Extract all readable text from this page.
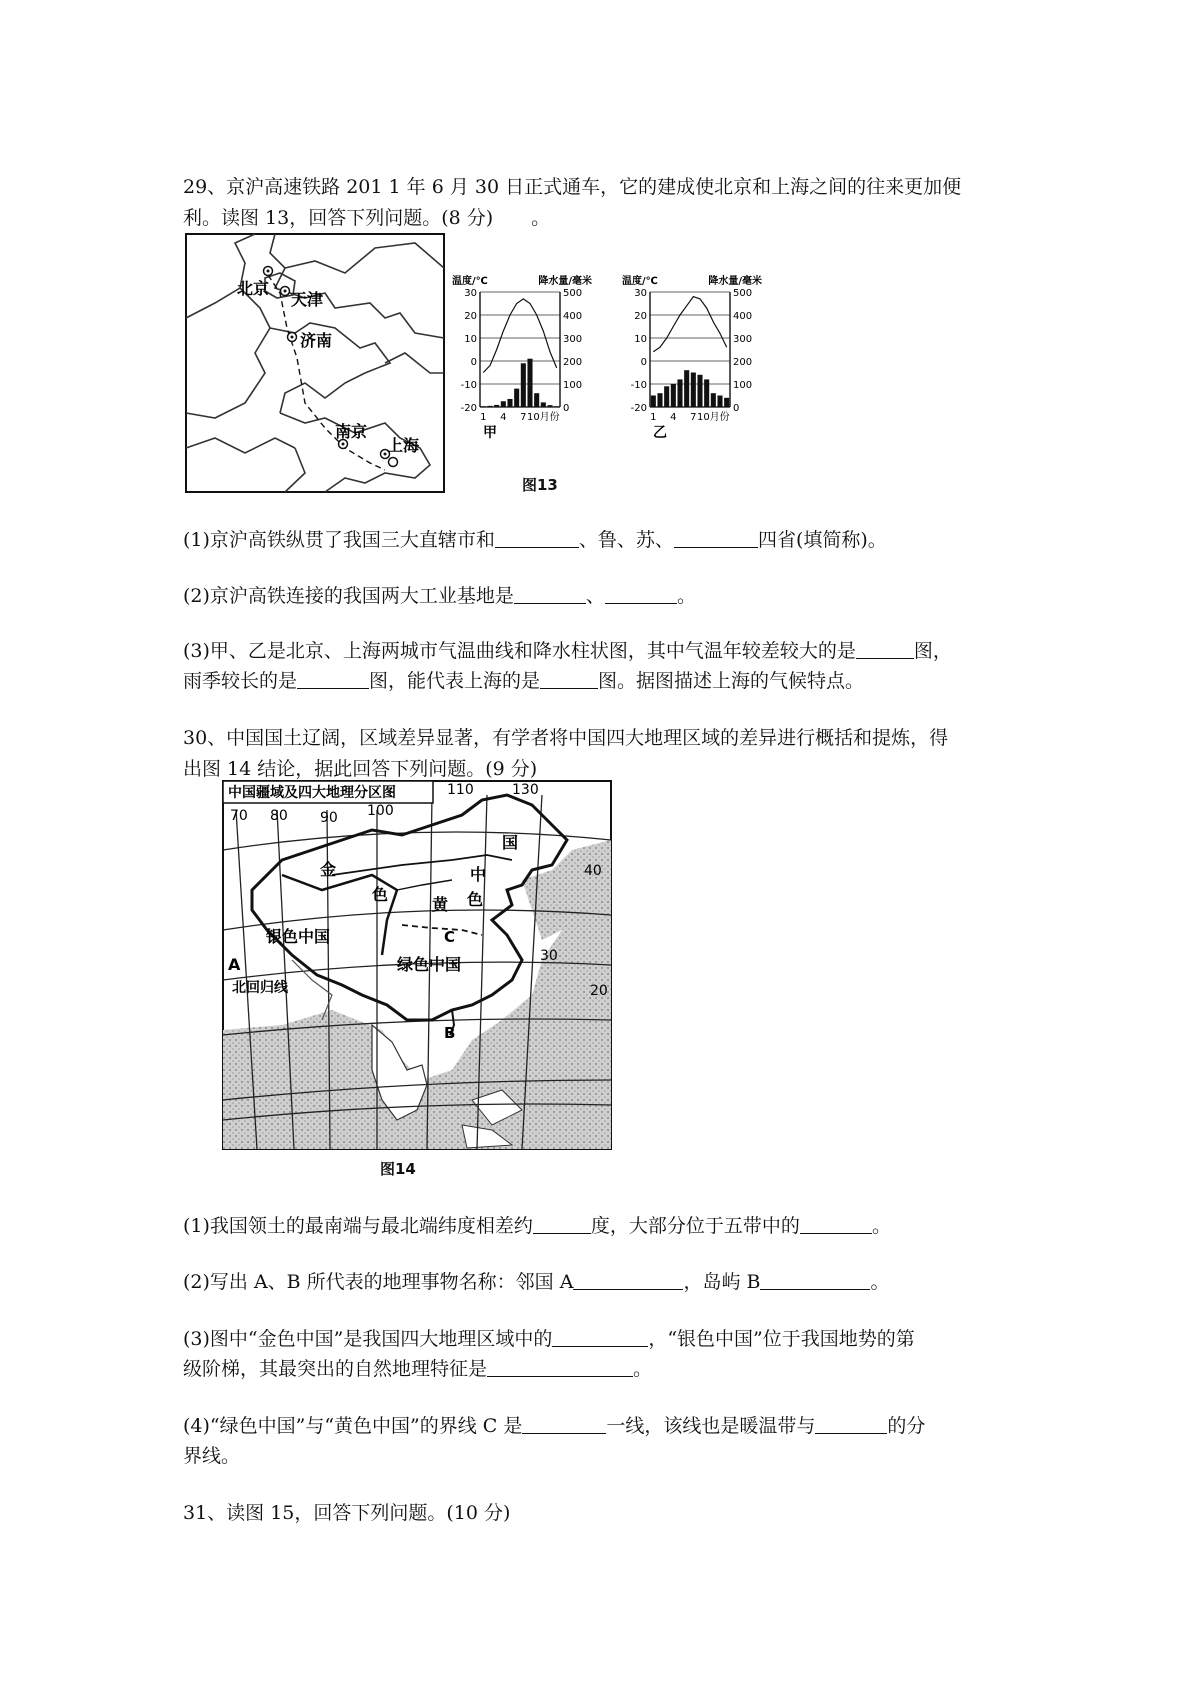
29、京沪高速铁路 201 1 年 6 月 30 日正式通车，它的建成使北京和上海之间的往来更加便

利。读图 13，回答下列问题。(8 分)　　。

北京
天津
济南
南京
上海
30
20
10
0
-10
-20
500
400
300
200
100
0
温度/℃	降水量/毫米
1 4 7 10月份
甲
30
20
10
0
-10
-20
500
400
300
200
100
0
温度/℃	降水量/毫米
1 4 7 10月份
乙
图13

(1)京沪高铁纵贯了我国三大直辖市和	、鲁、苏、	四省(填简称)。

(2)京沪高铁连接的我国两大工业基地是	、	。

(3)甲、乙是北京、上海两城市气温曲线和降水柱状图，其中气温年较差较大的是	图，

雨季较长的是	图，能代表上海的是	图。据图描述上海的气候特点。

30、中国国土辽阔，区域差异显著，有学者将中国四大地理区域的差异进行概括和提炼，得

出图 14 结论，据此回答下列问题。(9 分)

中国疆域及四大地理分区图
70 80 90 100
110	130
40
30
20
金
色
中
国
银色中国
黄 色
绿色中国
A
B
C
北回归线
图14

(1)我国领土的最南端与最北端纬度相差约	度，大部分位于五带中的	。

(2)写出 A、B 所代表的地理事物名称：邻国 A	，岛屿 B	。

(3)图中“金色中国”是我国四大地理区域中的	，“银色中国”位于我国地势的第

级阶梯，其最突出的自然地理特征是	。

(4)“绿色中国”与“黄色中国”的界线 C 是	一线，该线也是暖温带与	的分

界线。

31、读图 15，回答下列问题。(10 分)
